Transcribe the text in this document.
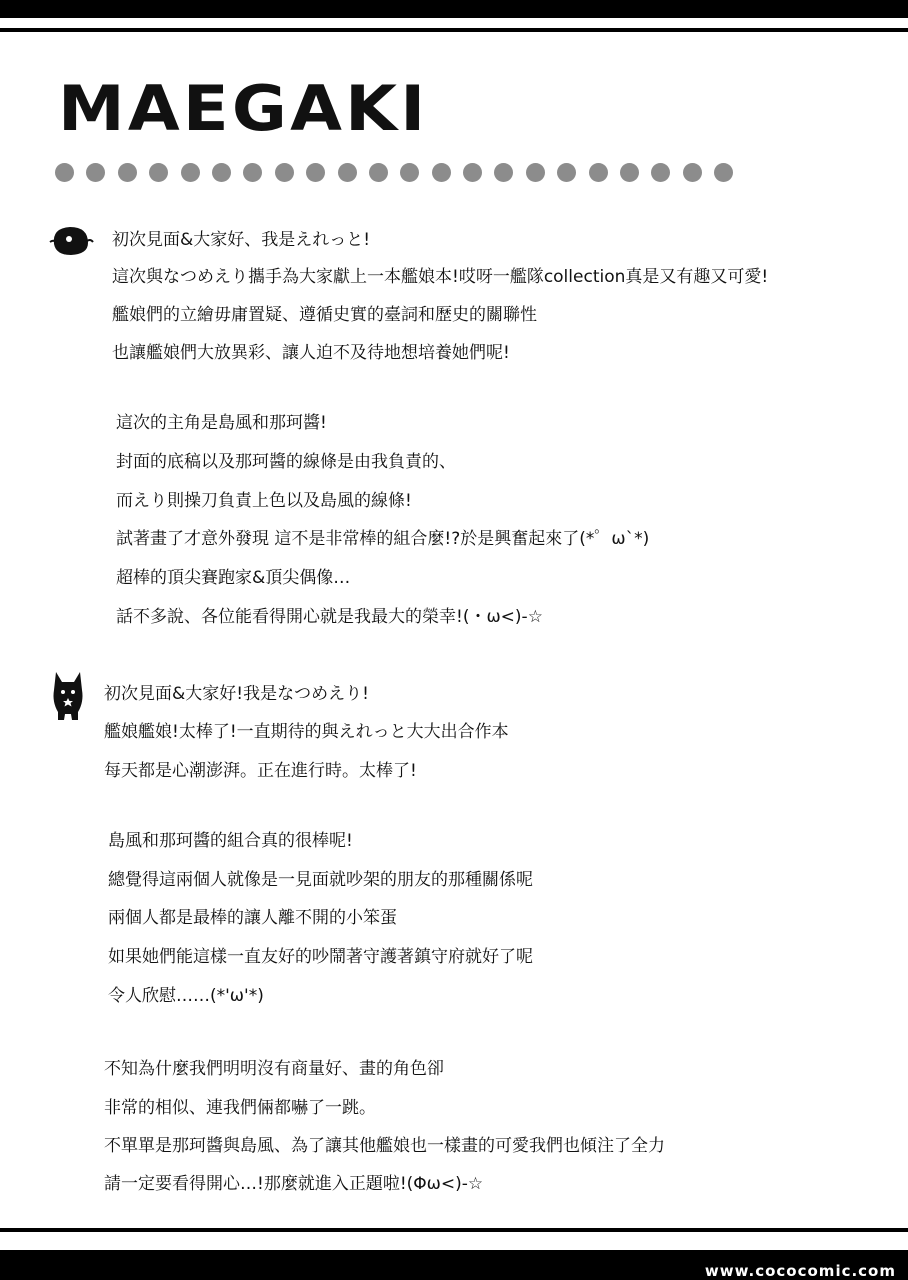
MAEGAKI

初次見面&大家好、我是えれっと!

這次與なつめえり攜手為大家獻上一本艦娘本!哎呀一艦隊collection真是又有趣又可愛!

艦娘們的立繪毋庸置疑、遵循史實的臺詞和歷史的關聯性

也讓艦娘們大放異彩、讓人迫不及待地想培養她們呢!

這次的主角是島風和那珂醬!

封面的底稿以及那珂醬的線條是由我負責的、

而えり則操刀負責上色以及島風的線條!

試著畫了才意外發現 這不是非常棒的組合麼!?於是興奮起來了(*゜ω`*)

超棒的頂尖賽跑家&頂尖偶像…

話不多說、各位能看得開心就是我最大的榮幸!(・ω<)-☆

初次見面&大家好!我是なつめえり!

艦娘艦娘!太棒了!一直期待的與えれっと大大出合作本

每天都是心潮澎湃。正在進行時。太棒了!

島風和那珂醬的組合真的很棒呢!

總覺得這兩個人就像是一見面就吵架的朋友的那種關係呢

兩個人都是最棒的讓人離不開的小笨蛋

如果她們能這樣一直友好的吵鬧著守護著鎮守府就好了呢

令人欣慰……(*'ω'*)

不知為什麼我們明明沒有商量好、畫的角色卻

非常的相似、連我們倆都嚇了一跳。

不單單是那珂醬與島風、為了讓其他艦娘也一樣畫的可愛我們也傾注了全力

請一定要看得開心…!那麼就進入正題啦!(Φω<)-☆

www.cococomic.com
